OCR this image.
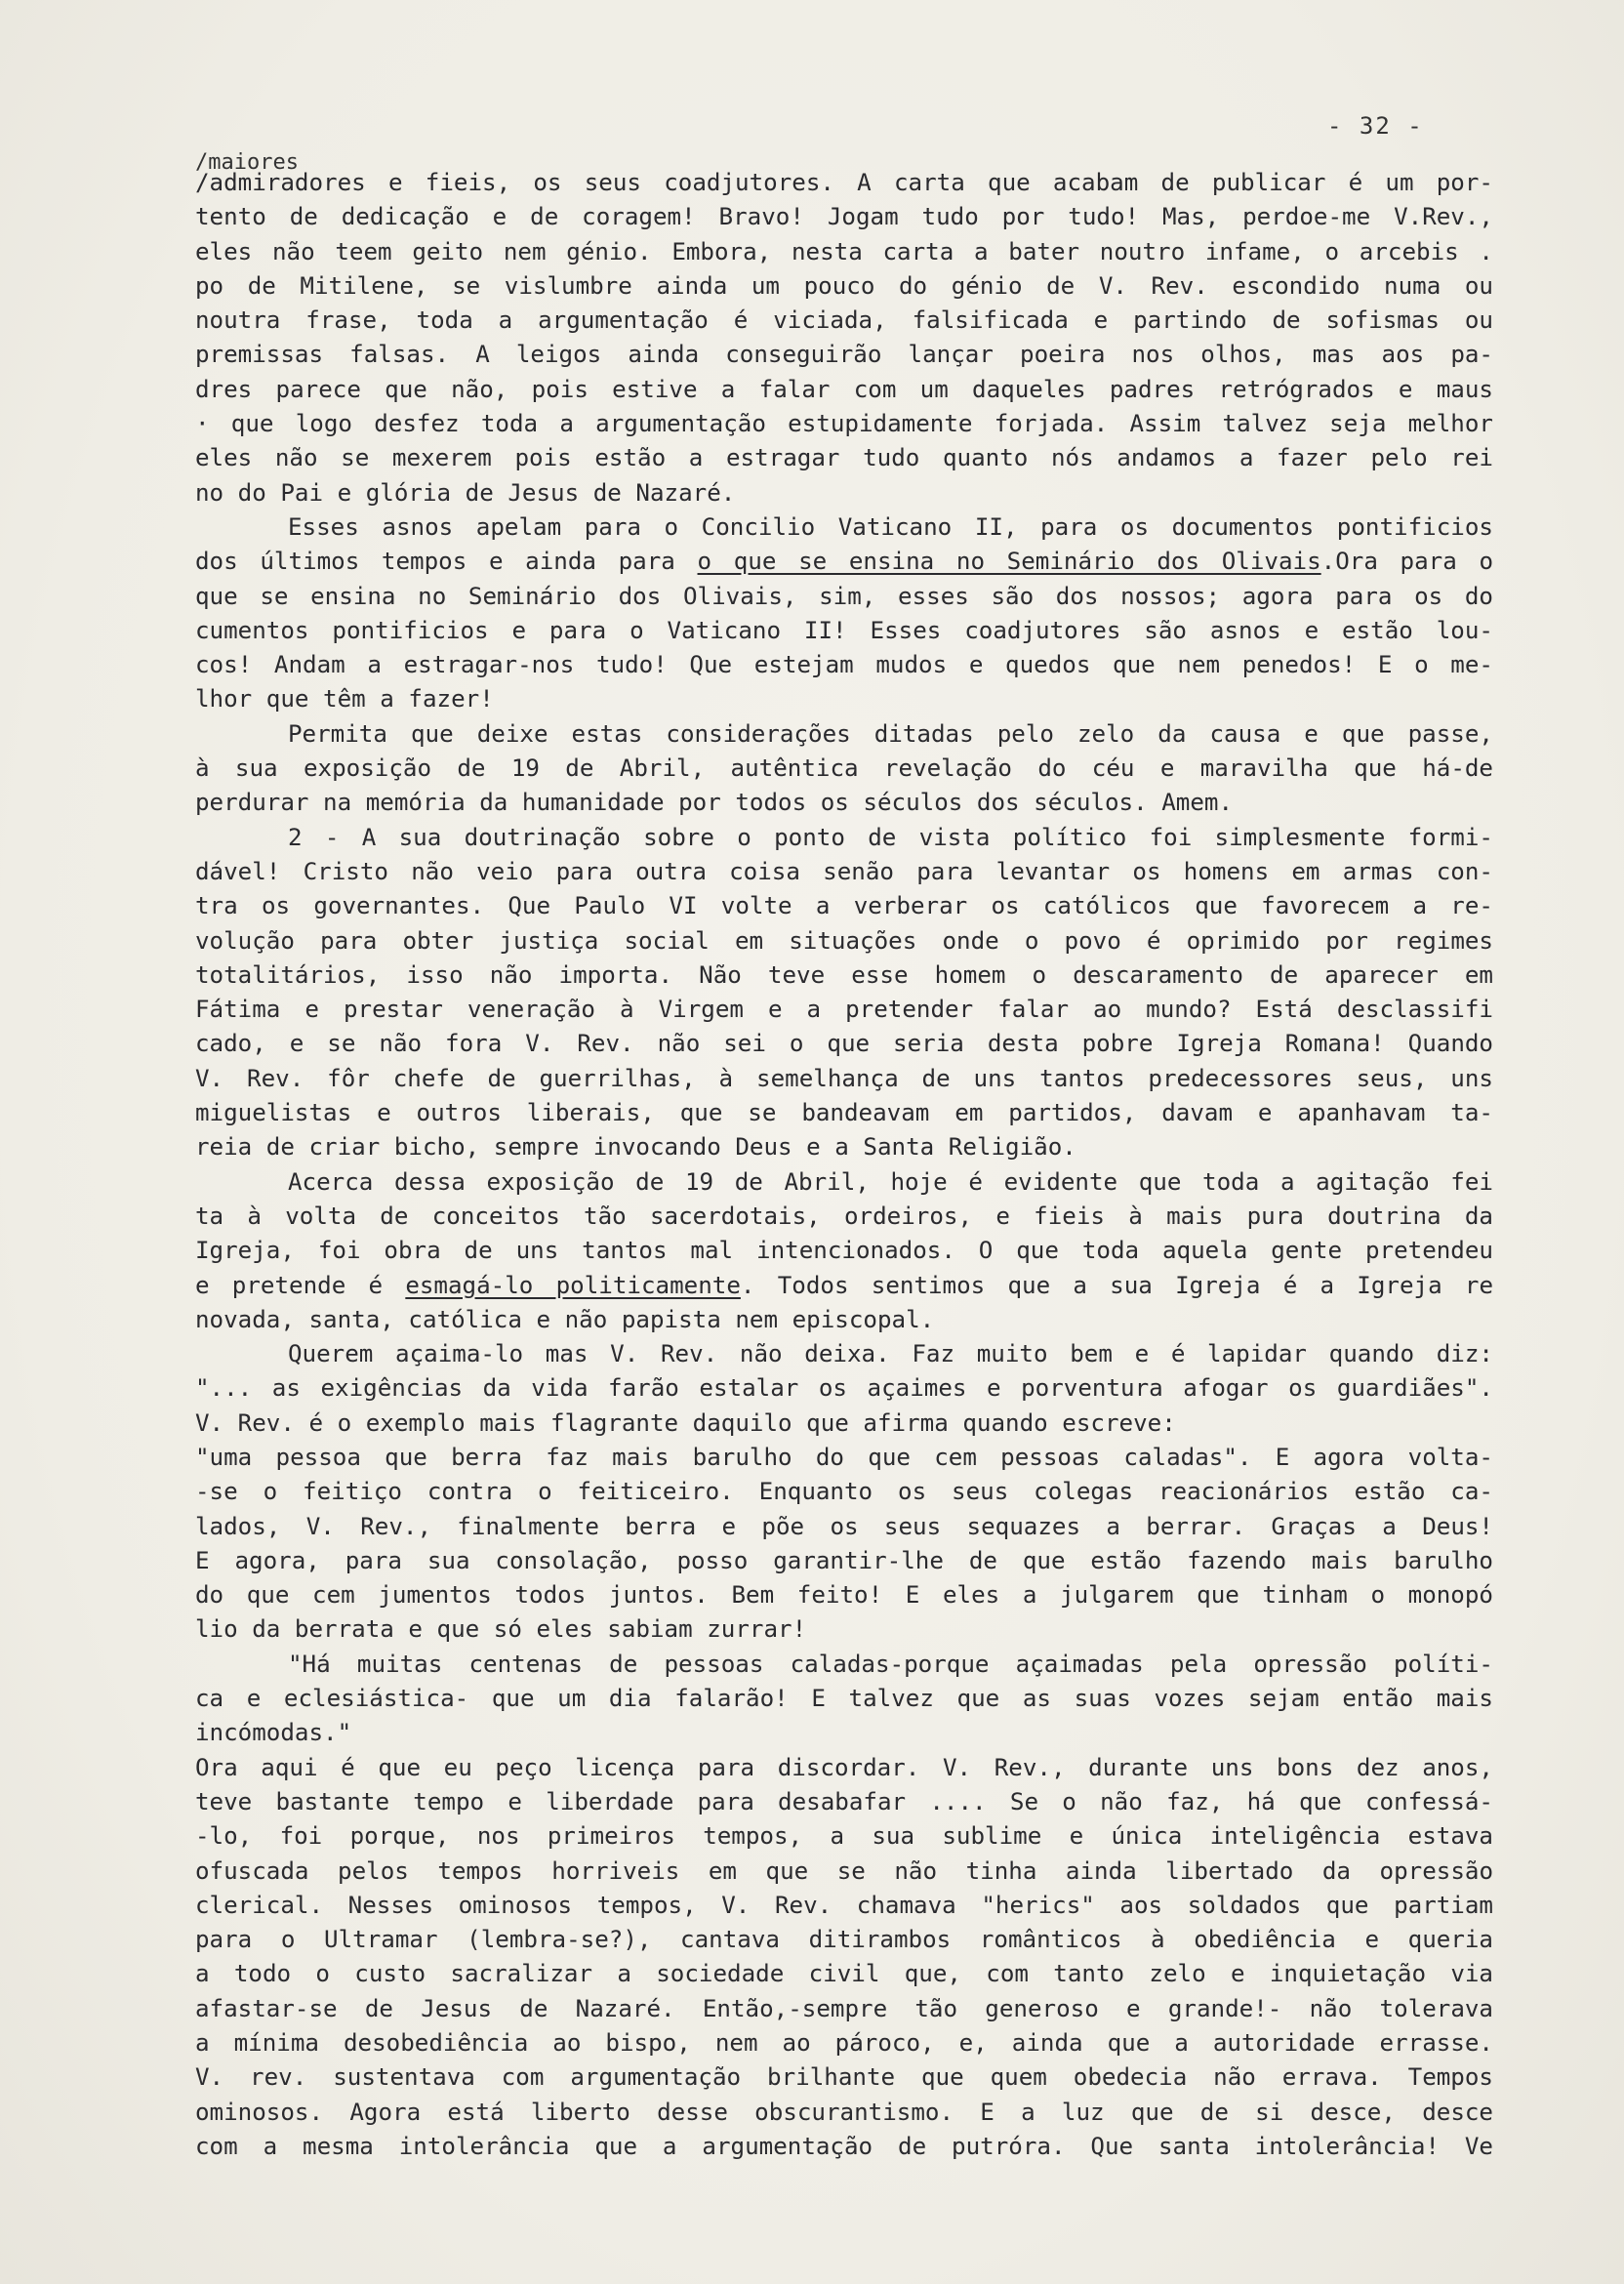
- 32 -
/maiores
/admiradores e fieis, os seus coadjutores. A carta que acabam de publicar é um por-
tento de dedicação e de coragem! Bravo! Jogam tudo por tudo! Mas, perdoe-me V.Rev.,
eles não teem geito nem génio. Embora, nesta carta a bater noutro infame, o arcebis .
po de Mitilene, se vislumbre ainda um pouco do génio de V. Rev. escondido numa ou
noutra frase, toda a argumentação é viciada, falsificada e partindo de sofismas ou
premissas falsas. A leigos ainda conseguirão lançar poeira nos olhos, mas aos pa-
dres parece que não, pois estive a falar com um daqueles padres retrógrados e maus
· que logo desfez toda a argumentação estupidamente forjada. Assim talvez seja melhor
eles não se mexerem pois estão a estragar tudo quanto nós andamos a fazer pelo rei
no do Pai e glória de Jesus de Nazaré.
Esses asnos apelam para o Concilio Vaticano II, para os documentos pontificios
dos últimos tempos e ainda para o que se ensina no Seminário dos Olivais.Ora para o
que se ensina no Seminário dos Olivais, sim, esses são dos nossos; agora para os do
cumentos pontificios e para o Vaticano II! Esses coadjutores são asnos e estão lou-
cos! Andam a estragar-nos tudo! Que estejam mudos e quedos que nem penedos! E o me-
lhor que têm a fazer!
Permita que deixe estas considerações ditadas pelo zelo da causa e que passe,
à sua exposição de 19 de Abril, autêntica revelação do céu e maravilha que há-de
perdurar na memória da humanidade por todos os séculos dos séculos. Amem.
2 - A sua doutrinação sobre o ponto de vista político foi simplesmente formi-
dável! Cristo não veio para outra coisa senão para levantar os homens em armas con-
tra os governantes. Que Paulo VI volte a verberar os católicos que favorecem a re-
volução para obter justiça social em situações onde o povo é oprimido por regimes
totalitários, isso não importa. Não teve esse homem o descaramento de aparecer em
Fátima e prestar veneração à Virgem e a pretender falar ao mundo? Está desclassifi
cado, e se não fora V. Rev. não sei o que seria desta pobre Igreja Romana! Quando
V. Rev. fôr chefe de guerrilhas, à semelhança de uns tantos predecessores seus, uns
miguelistas e outros liberais, que se bandeavam em partidos, davam e apanhavam ta-
reia de criar bicho, sempre invocando Deus e a Santa Religião.
Acerca dessa exposição de 19 de Abril, hoje é evidente que toda a agitação fei
ta à volta de conceitos tão sacerdotais, ordeiros, e fieis à mais pura doutrina da
Igreja, foi obra de uns tantos mal intencionados. O que toda aquela gente pretendeu
e pretende é esmagá-lo politicamente. Todos sentimos que a sua Igreja é a Igreja re
novada, santa, católica e não papista nem episcopal.
Querem açaima-lo mas V. Rev. não deixa. Faz muito bem e é lapidar quando diz:
"... as exigências da vida farão estalar os açaimes e porventura afogar os guardiães".
V. Rev. é o exemplo mais flagrante daquilo que afirma quando escreve:
"uma pessoa que berra faz mais barulho do que cem pessoas caladas". E agora volta-
-se o feitiço contra o feiticeiro. Enquanto os seus colegas reacionários estão ca-
lados, V. Rev., finalmente berra e põe os seus sequazes a berrar. Graças a Deus!
E agora, para sua consolação, posso garantir-lhe de que estão fazendo mais barulho
do que cem jumentos todos juntos. Bem feito! E eles a julgarem que tinham o monopó
lio da berrata e que só eles sabiam zurrar!
"Há muitas centenas de pessoas caladas-porque açaimadas pela opressão políti-
ca e eclesiástica- que um dia falarão! E talvez que as suas vozes sejam então mais
incómodas."
Ora aqui é que eu peço licença para discordar. V. Rev., durante uns bons dez anos,
teve bastante tempo e liberdade para desabafar .... Se o não faz, há que confessá-
-lo, foi porque, nos primeiros tempos, a sua sublime e única inteligência estava
ofuscada pelos tempos horriveis em que se não tinha ainda libertado da opressão
clerical. Nesses ominosos tempos, V. Rev. chamava "herics" aos soldados que partiam
para o Ultramar (lembra-se?), cantava ditirambos românticos à obediência e queria
a todo o custo sacralizar a sociedade civil que, com tanto zelo e inquietação via
afastar-se de Jesus de Nazaré. Então,-sempre tão generoso e grande!- não tolerava
a mínima desobediência ao bispo, nem ao pároco, e, ainda que a autoridade errasse.
V. rev. sustentava com argumentação brilhante que quem obedecia não errava. Tempos
ominosos. Agora está liberto desse obscurantismo. E a luz que de si desce, desce
com a mesma intolerância que a argumentação de putróra. Que santa intolerância! Ve
